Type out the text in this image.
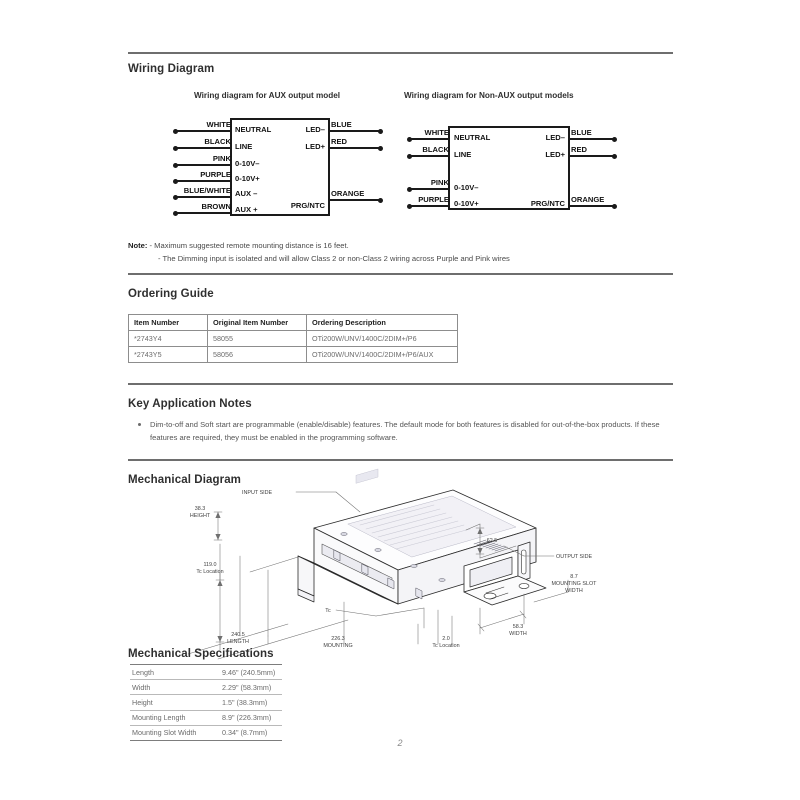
Wiring Diagram
Wiring diagram for AUX output model	Wiring diagram for Non-AUX output models
NEUTRAL
LINE
0-10V–
0-10V+
AUX –
AUX +
LED–
LED+
PRG/NTC
WHITE
BLACK
PINK
PURPLE
BLUE/WHITE
BROWN
BLUE
RED
ORANGE
NEUTRAL
LINE
0-10V–
0-10V+
LED–
LED+
PRG/NTC
WHITE
BLACK
PINK
PURPLE
BLUE
RED
ORANGE
Note: - Maximum suggested remote mounting distance is 16 feet.
- The Dimming input is isolated and will allow Class 2 or non-Class 2 wiring across Purple and Pink wires
Ordering Guide
Item Number	Original Item Number	Ordering Description
*2743Y4	58055	OTi200W/UNV/1400C/2DIM+/P6
*2743Y5	58056	OTi200W/UNV/1400C/2DIM+/P6/AUX
Key Application Notes
Dim-to-off and Soft start are programmable (enable/disable) features. The default mode for both features is disabled for out-of-the-box products. If these features are required, they must be enabled in the programming software.
Mechanical Diagram
INPUT SIDE
OUTPUT SIDE
38.3
HEIGHT
119.0
Tc Location
240.5
LENGTH	226.3
MOUNTING
Tc
2.0
Tc Location
62.5
8.7
MOUNTING SLOT
WIDTH
58.3
WIDTH
Mechanical Specifications
Length	9.46" (240.5mm)
Width	2.29" (58.3mm)
Height	1.5" (38.3mm)
Mounting Length	8.9" (226.3mm)
Mounting Slot Width	0.34" (8.7mm)
2
